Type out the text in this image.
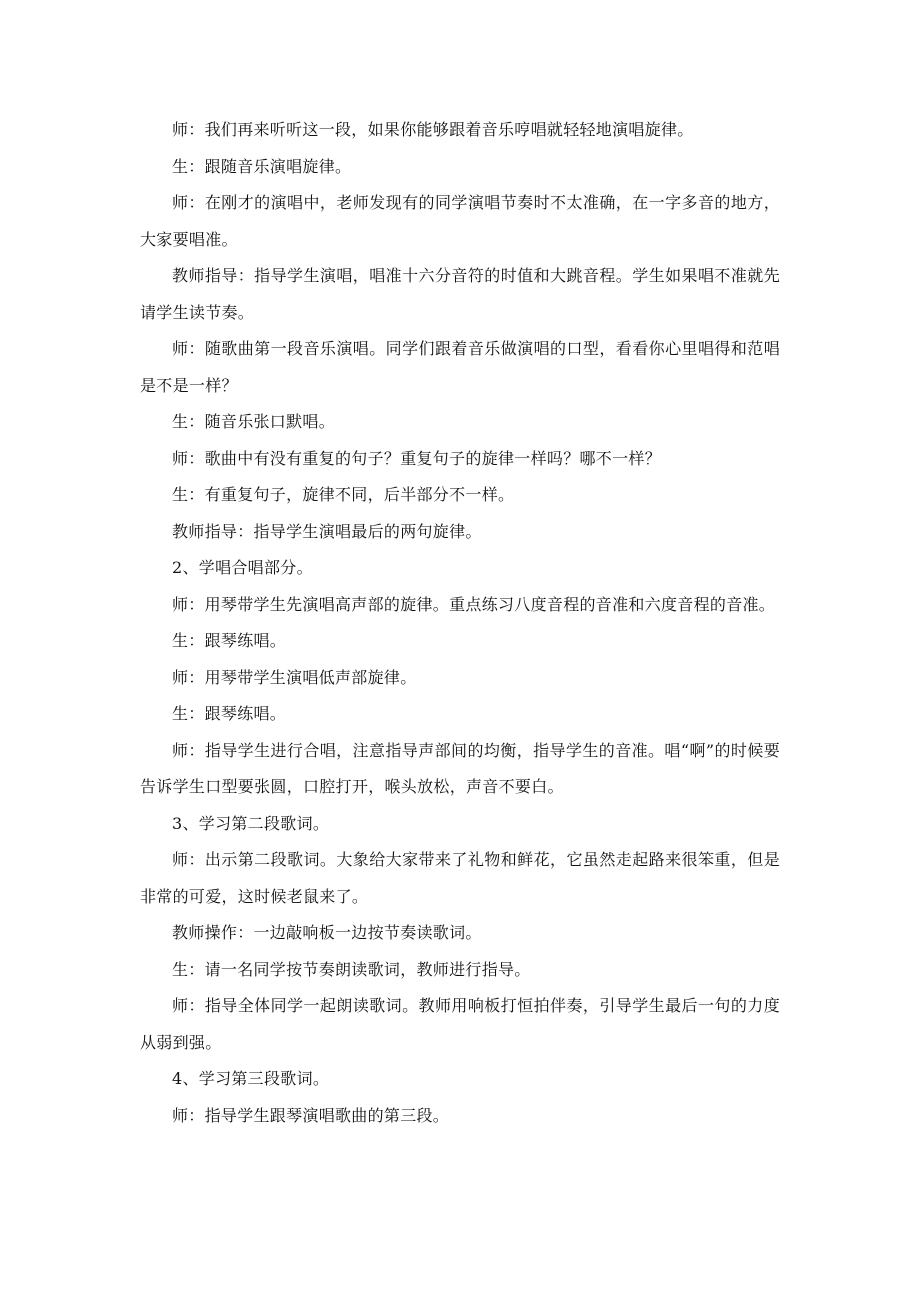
师：我们再来听听这一段，如果你能够跟着音乐哼唱就轻轻地演唱旋律。

生：跟随音乐演唱旋律。

师：在刚才的演唱中，老师发现有的同学演唱节奏时不太准确，在一字多音的地方，大家要唱准。

教师指导：指导学生演唱，唱准十六分音符的时值和大跳音程。学生如果唱不准就先请学生读节奏。

师：随歌曲第一段音乐演唱。同学们跟着音乐做演唱的口型，看看你心里唱得和范唱是不是一样？

生：随音乐张口默唱。

师：歌曲中有没有重复的句子？重复句子的旋律一样吗？哪不一样？

生：有重复句子，旋律不同，后半部分不一样。

教师指导：指导学生演唱最后的两句旋律。

2、学唱合唱部分。

师：用琴带学生先演唱高声部的旋律。重点练习八度音程的音准和六度音程的音准。

生：跟琴练唱。

师：用琴带学生演唱低声部旋律。

生：跟琴练唱。

师：指导学生进行合唱，注意指导声部间的均衡，指导学生的音准。唱“啊”的时候要告诉学生口型要张圆，口腔打开，喉头放松，声音不要白。

3、学习第二段歌词。

师：出示第二段歌词。大象给大家带来了礼物和鲜花，它虽然走起路来很笨重，但是非常的可爱，这时候老鼠来了。

教师操作：一边敲响板一边按节奏读歌词。

生：请一名同学按节奏朗读歌词，教师进行指导。

师：指导全体同学一起朗读歌词。教师用响板打恒拍伴奏，引导学生最后一句的力度从弱到强。

4、学习第三段歌词。

师：指导学生跟琴演唱歌曲的第三段。
